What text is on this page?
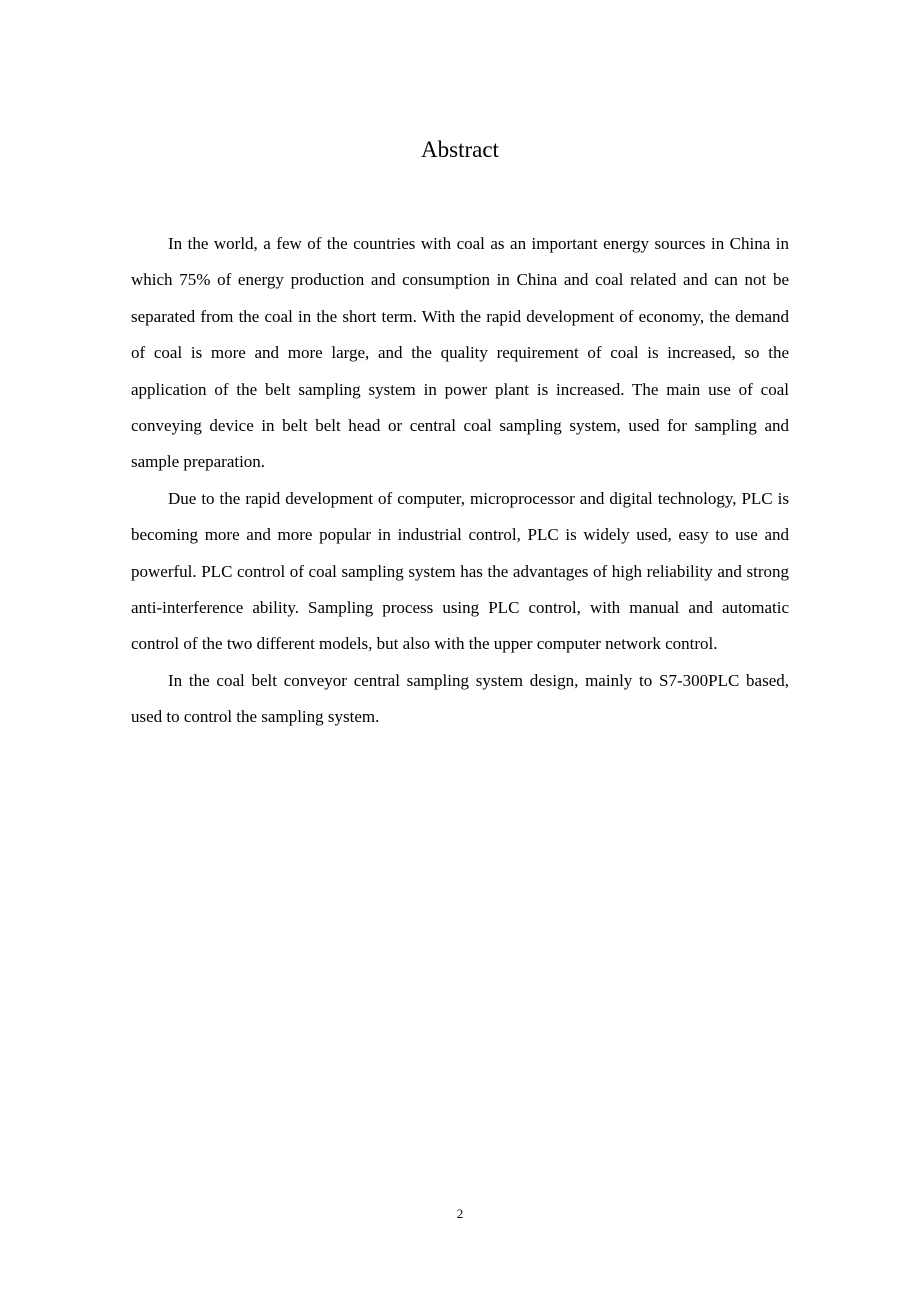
Abstract

In the world, a few of the countries with coal as an important energy sources in China in which 75% of energy production and consumption in China and coal related and can not be separated from the coal in the short term. With the rapid development of economy, the demand of coal is more and more large, and the quality requirement of coal is increased, so the application of the belt sampling system in power plant is increased. The main use of coal conveying device in belt belt head or central coal sampling system, used for sampling and sample preparation.

Due to the rapid development of computer, microprocessor and digital technology, PLC is becoming more and more popular in industrial control, PLC is widely used, easy to use and powerful. PLC control of coal sampling system has the advantages of high reliability and strong anti-interference ability. Sampling process using PLC control, with manual and automatic control of the two different models, but also with the upper computer network control.

In the coal belt conveyor central sampling system design, mainly to S7-300PLC based, used to control the sampling system.

2
